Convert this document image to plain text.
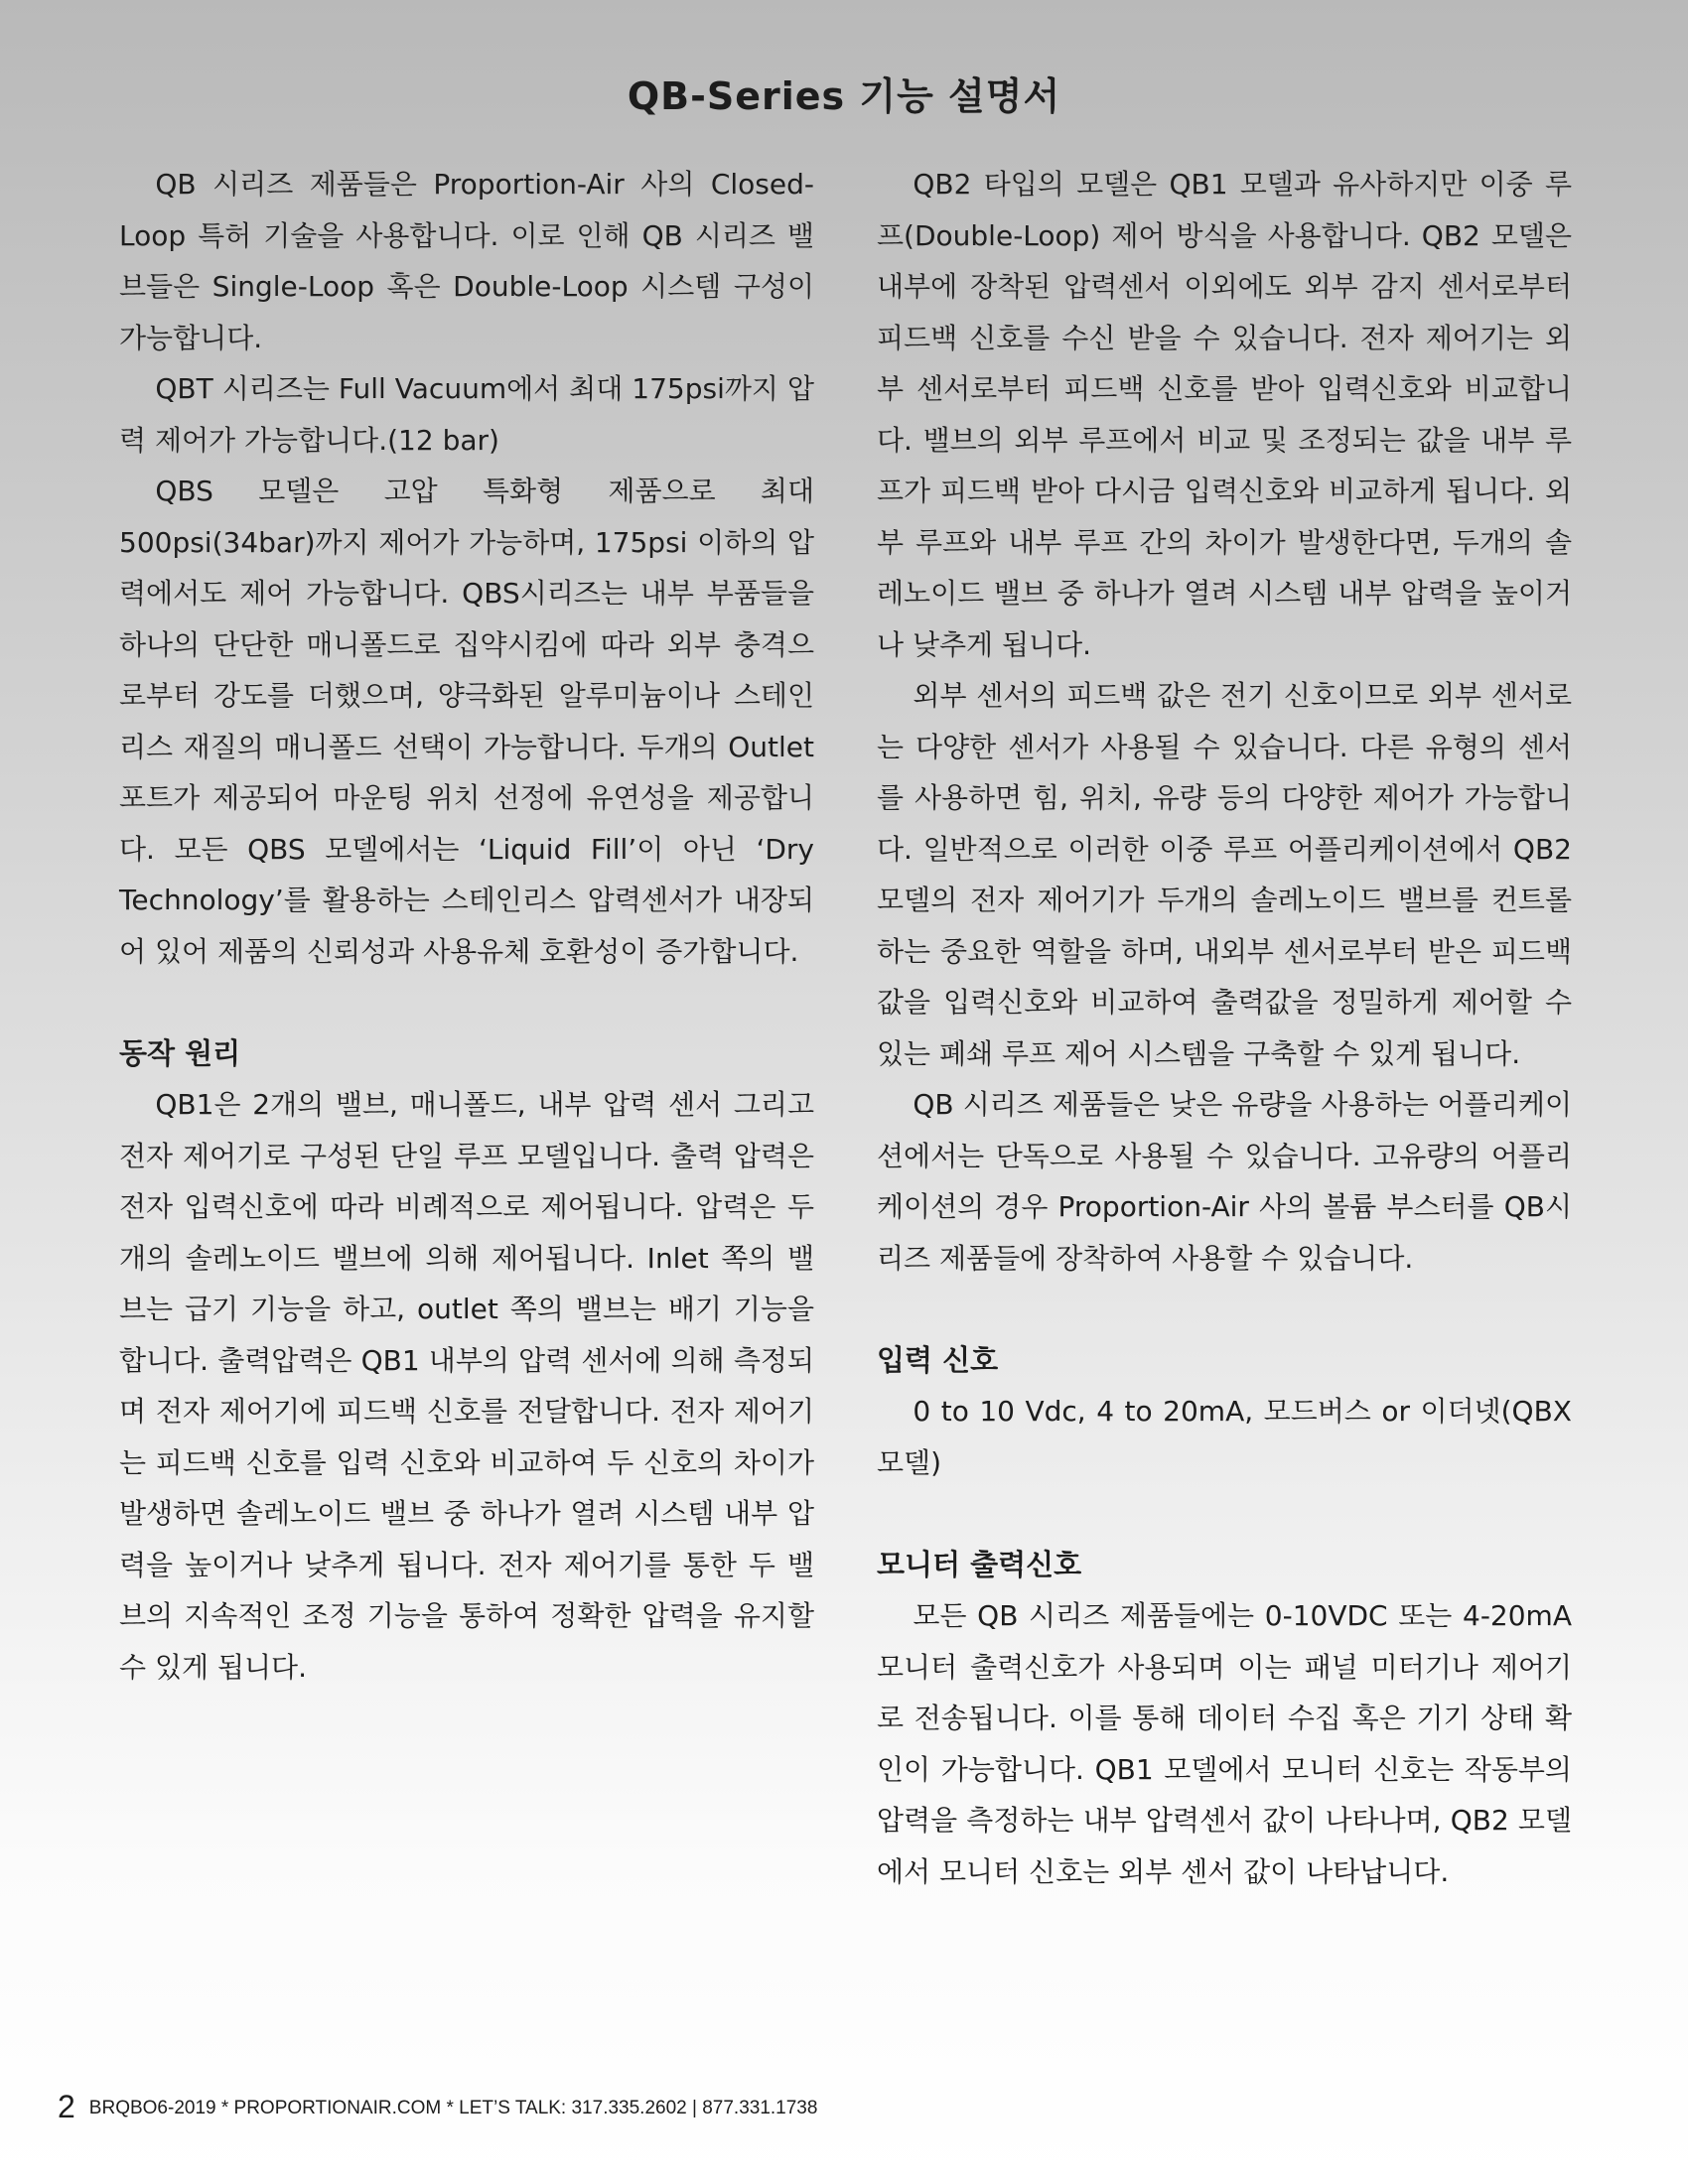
QB-Series 기능 설명서

QB 시리즈 제품들은 Proportion-Air 사의 Closed-Loop 특허 기술을 사용합니다. 이로 인해 QB 시리즈 밸브들은 Single-Loop 혹은 Double-Loop 시스템 구성이 가능합니다.

QBT 시리즈는 Full Vacuum에서 최대 175psi까지 압력 제어가 가능합니다.(12 bar)

QBS 모델은 고압 특화형 제품으로 최대 500psi(34bar)까지 제어가 가능하며, 175psi 이하의 압력에서도 제어 가능합니다. QBS시리즈는 내부 부품들을 하나의 단단한 매니폴드로 집약시킴에 따라 외부 충격으로부터 강도를 더했으며, 양극화된 알루미늄이나 스테인리스 재질의 매니폴드 선택이 가능합니다. 두개의 Outlet 포트가 제공되어 마운팅 위치 선정에 유연성을 제공합니다. 모든 QBS 모델에서는 ‘Liquid Fill’이 아닌 ‘Dry Technology’를 활용하는 스테인리스 압력센서가 내장되어 있어 제품의 신뢰성과 사용유체 호환성이 증가합니다.

동작 원리

QB1은 2개의 밸브, 매니폴드, 내부 압력 센서 그리고 전자 제어기로 구성된 단일 루프 모델입니다. 출력 압력은 전자 입력신호에 따라 비례적으로 제어됩니다. 압력은 두개의 솔레노이드 밸브에 의해 제어됩니다. Inlet 쪽의 밸브는 급기 기능을 하고, outlet 쪽의 밸브는 배기 기능을 합니다. 출력압력은 QB1 내부의 압력 센서에 의해 측정되며 전자 제어기에 피드백 신호를 전달합니다. 전자 제어기는 피드백 신호를 입력 신호와 비교하여 두 신호의 차이가 발생하면 솔레노이드 밸브 중 하나가 열려 시스템 내부 압력을 높이거나 낮추게 됩니다. 전자 제어기를 통한 두 밸브의 지속적인 조정 기능을 통하여 정확한 압력을 유지할 수 있게 됩니다.

QB2 타입의 모델은 QB1 모델과 유사하지만 이중 루프(Double-Loop) 제어 방식을 사용합니다. QB2 모델은 내부에 장착된 압력센서 이외에도 외부 감지 센서로부터 피드백 신호를 수신 받을 수 있습니다. 전자 제어기는 외부 센서로부터 피드백 신호를 받아 입력신호와 비교합니다. 밸브의 외부 루프에서 비교 및 조정되는 값을 내부 루프가 피드백 받아 다시금 입력신호와 비교하게 됩니다. 외부 루프와 내부 루프 간의 차이가 발생한다면, 두개의 솔레노이드 밸브 중 하나가 열려 시스템 내부 압력을 높이거나 낮추게 됩니다.

외부 센서의 피드백 값은 전기 신호이므로 외부 센서로는 다양한 센서가 사용될 수 있습니다. 다른 유형의 센서를 사용하면 힘, 위치, 유량 등의 다양한 제어가 가능합니다. 일반적으로 이러한 이중 루프 어플리케이션에서 QB2모델의 전자 제어기가 두개의 솔레노이드 밸브를 컨트롤 하는 중요한 역할을 하며, 내외부 센서로부터 받은 피드백 값을 입력신호와 비교하여 출력값을 정밀하게 제어할 수 있는 폐쇄 루프 제어 시스템을 구축할 수 있게 됩니다.

QB 시리즈 제품들은 낮은 유량을 사용하는 어플리케이션에서는 단독으로 사용될 수 있습니다. 고유량의 어플리케이션의 경우 Proportion-Air 사의 볼륨 부스터를 QB시리즈 제품들에 장착하여 사용할 수 있습니다.

입력 신호

0 to 10 Vdc, 4 to 20mA, 모드버스 or 이더넷(QBX 모델)

모니터 출력신호

모든 QB 시리즈 제품들에는 0-10VDC 또는 4-20mA 모니터 출력신호가 사용되며 이는 패널 미터기나 제어기로 전송됩니다. 이를 통해 데이터 수집 혹은 기기 상태 확인이 가능합니다. QB1 모델에서 모니터 신호는 작동부의 압력을 측정하는 내부 압력센서 값이 나타나며, QB2 모델에서 모니터 신호는 외부 센서 값이 나타납니다.

2 BRQBO6-2019 * PROPORTIONAIR.COM * LET’S TALK: 317.335.2602 | 877.331.1738
